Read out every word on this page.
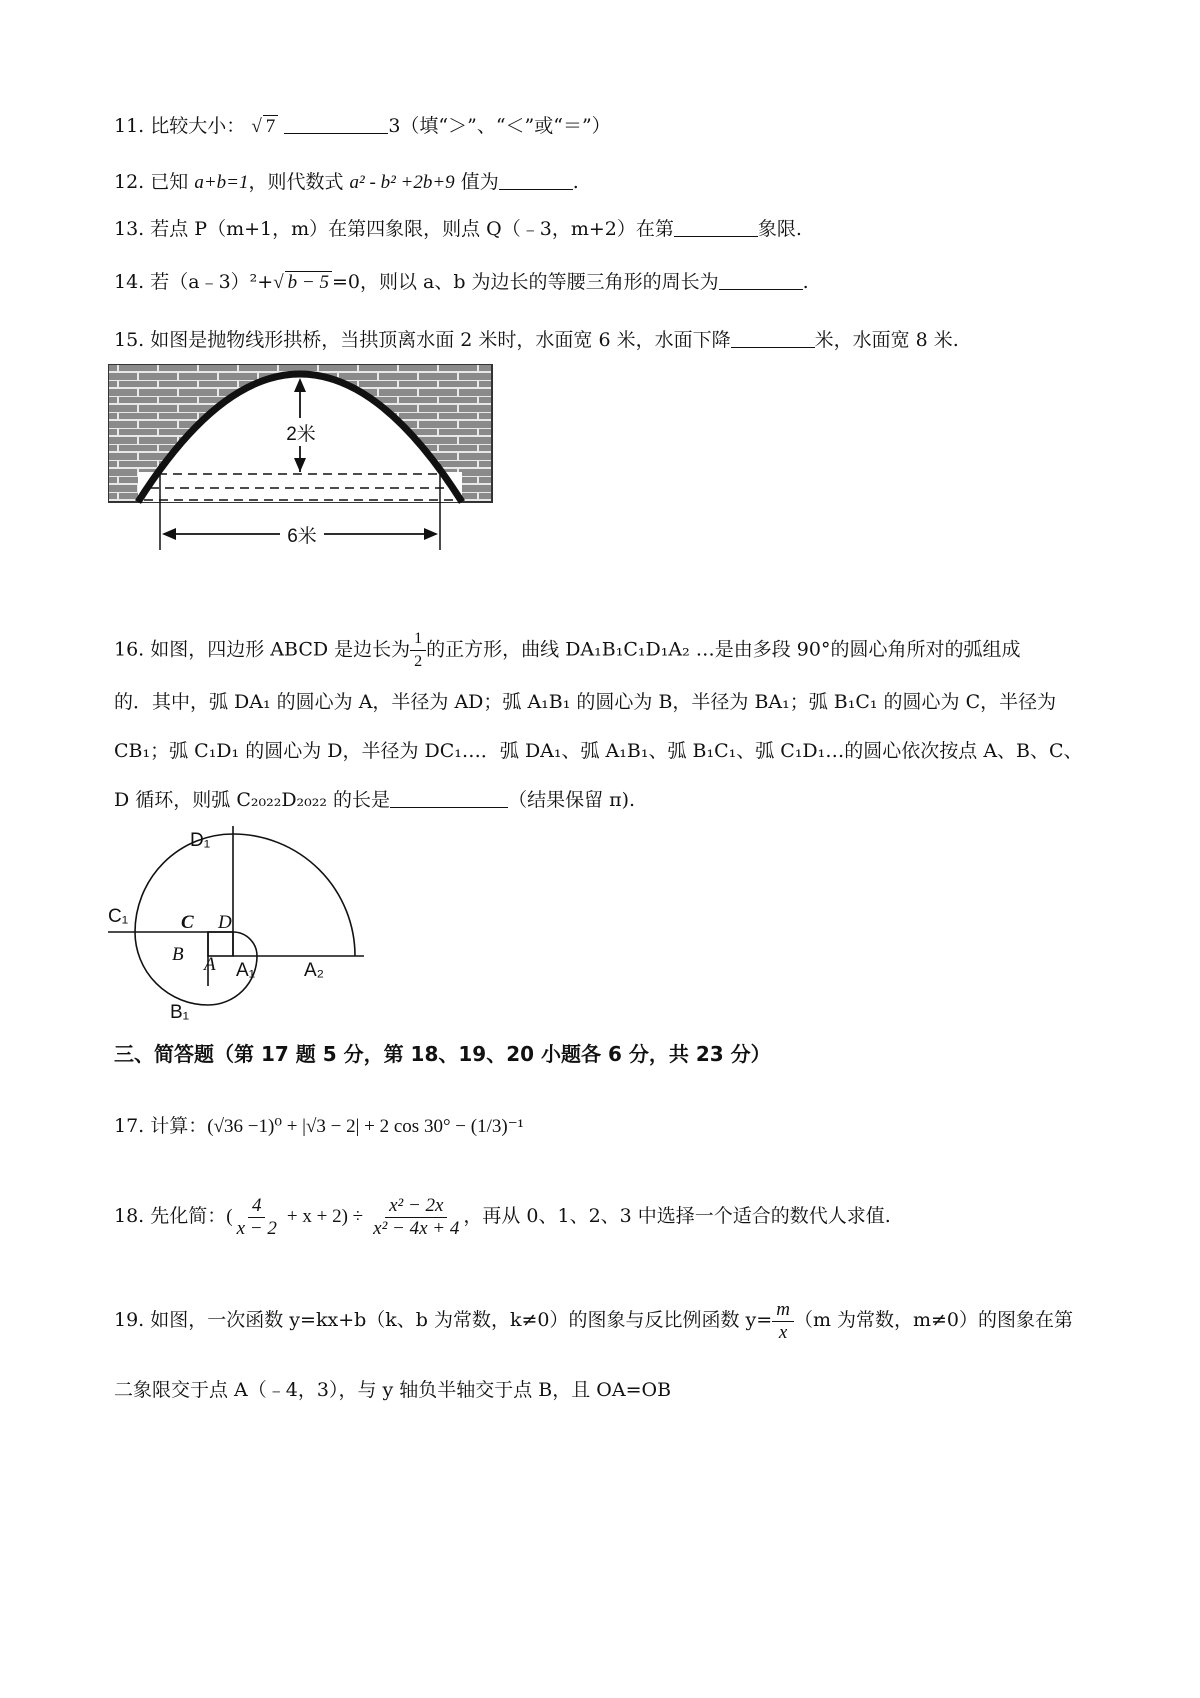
11. 比较大小： √ 7	3（填“＞”、“＜”或“＝”）
12. 已知 a+b=1，则代数式 a² - b² +2b+9 值为	.
13. 若点 P（m+1，m）在第四象限，则点 Q（﹣3，m+2）在第	象限.
14. 若（a﹣3）²+√ b − 5 =0，则以 a、b 为边长的等腰三角形的周长为	.
15. 如图是抛物线形拱桥，当拱顶离水面 2 米时，水面宽 6 米，水面下降	米，水面宽 8 米.
2米
6米
16. 如图，四边形 ABCD 是边长为 $\frac{1}{2}$ 的正方形，曲线 DA₁B₁C₁D₁A₂ …是由多段 90°的圆心角所对的弧组成
的．其中，弧 DA₁ 的圆心为 A，半径为 AD；弧 A₁B₁ 的圆心为 B，半径为 BA₁；弧 B₁C₁ 的圆心为 C，半径为
CB₁；弧 C₁D₁ 的圆心为 D，半径为 DC₁…．弧 DA₁、弧 A₁B₁、弧 B₁C₁、弧 C₁D₁…的圆心依次按点 A、B、C、
D 循环，则弧 C₂₀₂₂D₂₀₂₂ 的长是	（结果保留 π).
D₁
C₁	C D
B A A₁	A₂
B₁
三、简答题（第 17 题 5 分，第 18、19、20 小题各 6 分，共 23 分）
17. 计算：(√36 −1)⁰ + |√3 − 2| + 2 cos 30° − (1/3)⁻¹
18. 先化简：( $\frac{4}{x - 2} + x + 2) \div \frac{\text{x² − 2x}}{\text{x² − 4x + 4}}$ ，再从 0、1、2、3 中选择一个适合的数代人求值.
19. 如图，一次函数 y=kx+b（k、b 为常数，k≠0）的图象与反比例函数 $y= \frac{m}{x} (m$ 为常数，m≠0）的图象在第
二象限交于点 A（﹣4，3），与 y 轴负半轴交于点 B，且 OA=OB
